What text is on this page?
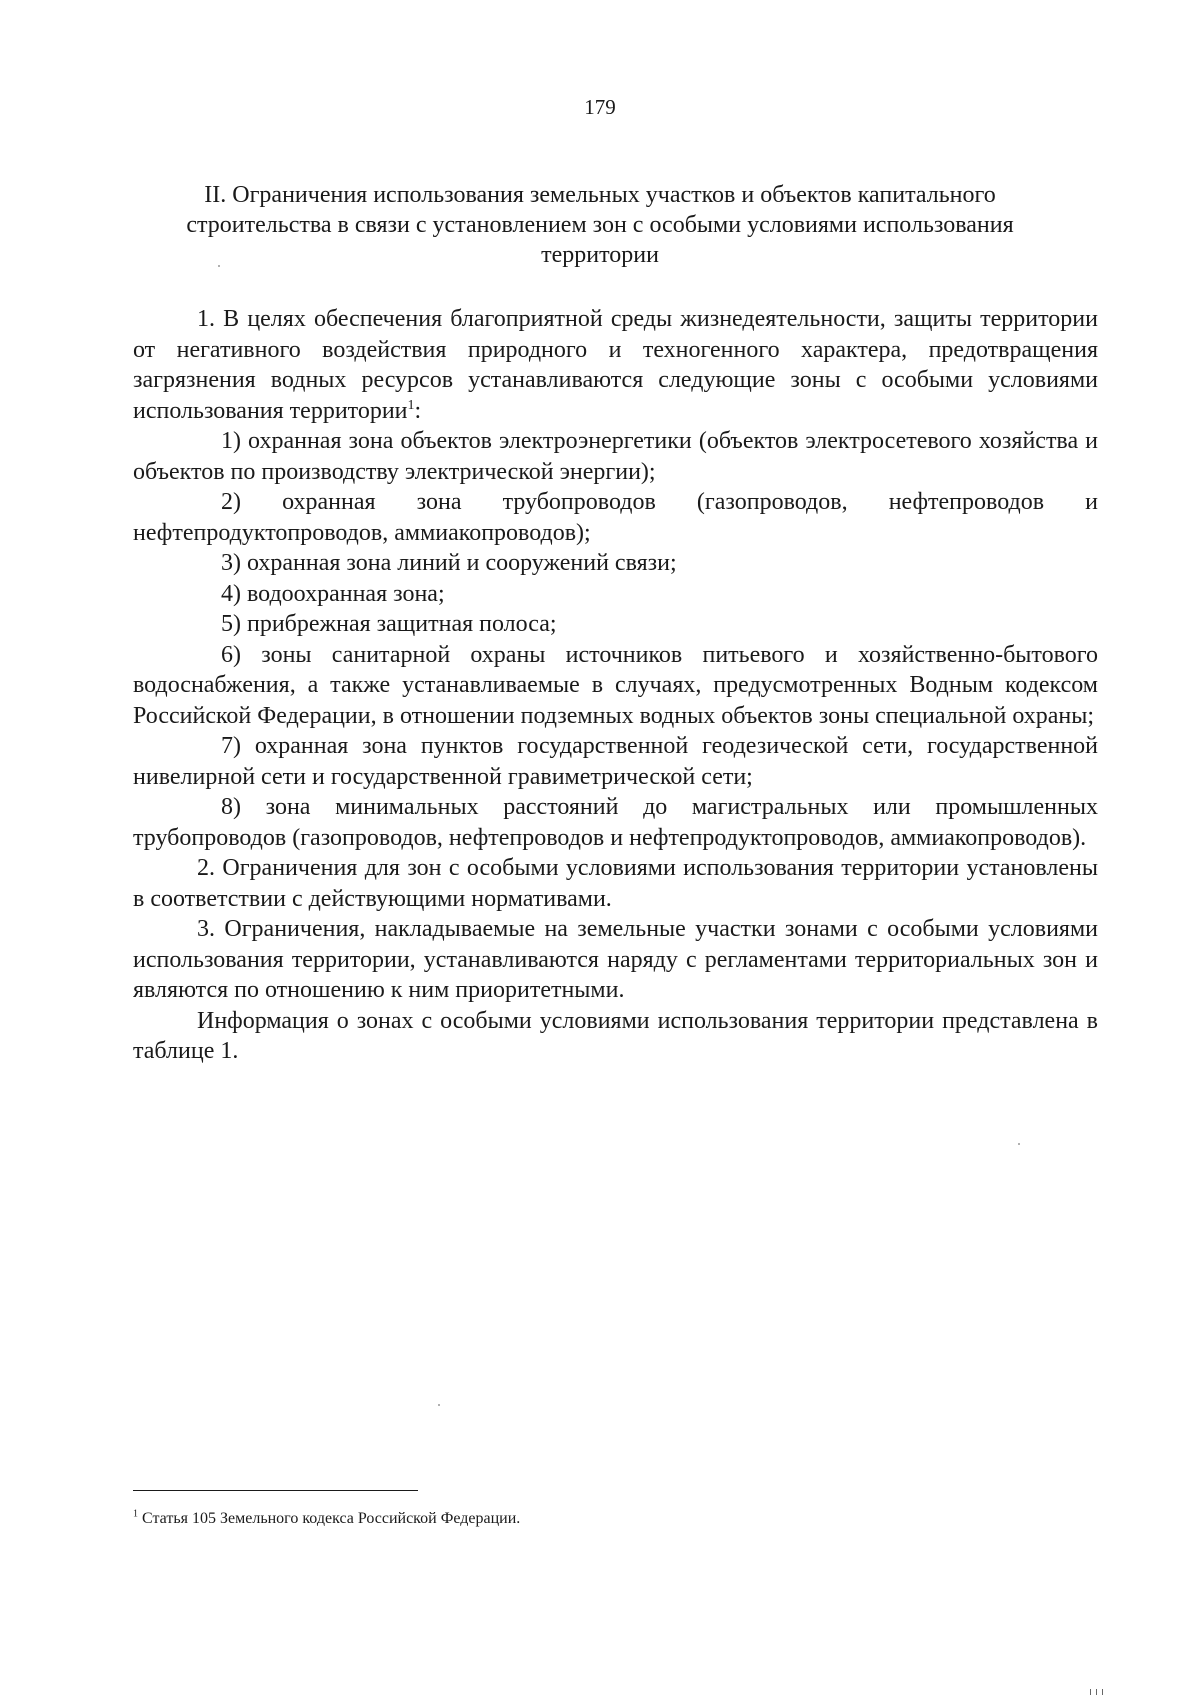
179
II. Ограничения использования земельных участков и объектов капитального строительства в связи с установлением зон с особыми условиями использования территории

1. В целях обеспечения благоприятной среды жизнедеятельности, защиты территории от негативного воздействия природного и техногенного характера, предотвращения загрязнения водных ресурсов устанавливаются следующие зоны с особыми условиями использования территории$^1$:

1) охранная зона объектов электроэнергетики (объектов электросетевого хозяйства и объектов по производству электрической энергии);

2) охранная зона трубопроводов (газопроводов, нефтепроводов и нефтепродуктопроводов, аммиакопроводов);

3) охранная зона линий и сооружений связи;

4) водоохранная зона;

5) прибрежная защитная полоса;

6) зоны санитарной охраны источников питьевого и хозяйственно-бытового водоснабжения, а также устанавливаемые в случаях, предусмотренных Водным кодексом Российской Федерации, в отношении подземных водных объектов зоны специальной охраны;

7) охранная зона пунктов государственной геодезической сети, государственной нивелирной сети и государственной гравиметрической сети;

8) зона минимальных расстояний до магистральных или промышленных трубопроводов (газопроводов, нефтепроводов и нефтепродуктопроводов, аммиакопроводов).

2. Ограничения для зон с особыми условиями использования территории установлены в соответствии с действующими нормативами.

3. Ограничения, накладываемые на земельные участки зонами с особыми условиями использования территории, устанавливаются наряду с регламентами территориальных зон и являются по отношению к ним приоритетными.

Информация о зонах с особыми условиями использования территории представлена в таблице 1.

$^1$ Статья 105 Земельного кодекса Российской Федерации.
